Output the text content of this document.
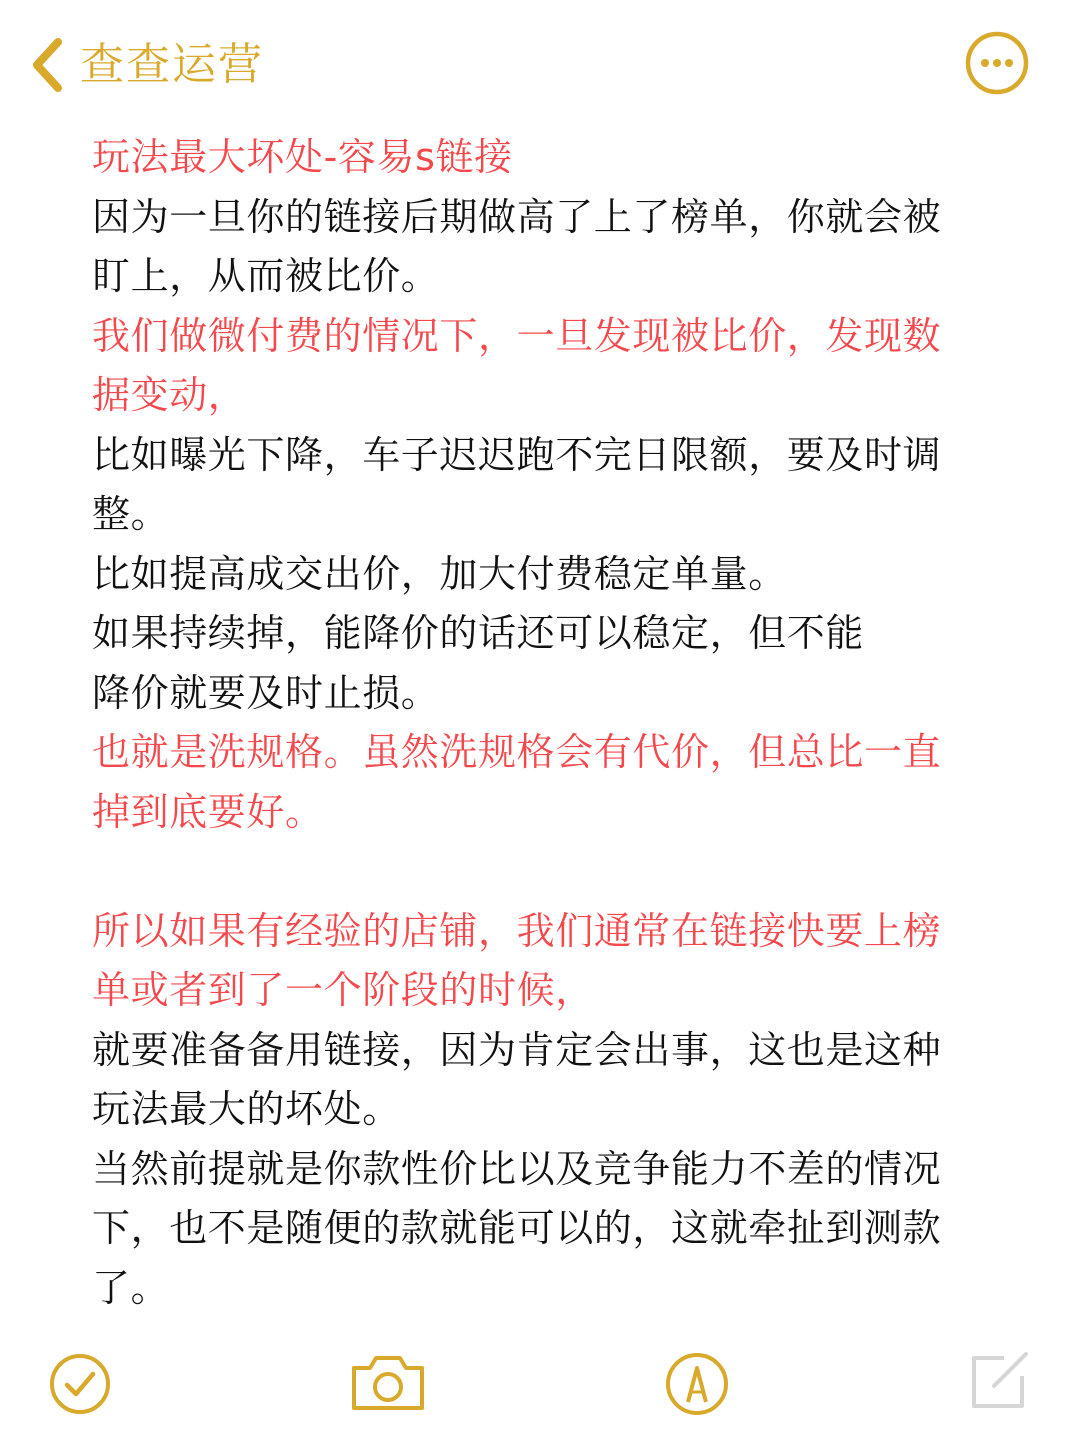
查查运营
玩法最大坏处-容易s链接
因为一旦你的链接后期做高了上了榜单，你就会被
盯上，从而被比价。
我们做微付费的情况下，一旦发现被比价，发现数
据变动，
比如曝光下降，车子迟迟跑不完日限额，要及时调
整。
比如提高成交出价，加大付费稳定单量。
如果持续掉，能降价的话还可以稳定，但不能
降价就要及时止损。
也就是洗规格。虽然洗规格会有代价，但总比一直
掉到底要好。
所以如果有经验的店铺，我们通常在链接快要上榜
单或者到了一个阶段的时候，
就要准备备用链接，因为肯定会出事，这也是这种
玩法最大的坏处。
当然前提就是你款性价比以及竞争能力不差的情况
下，也不是随便的款就能可以的，这就牵扯到测款
了。
